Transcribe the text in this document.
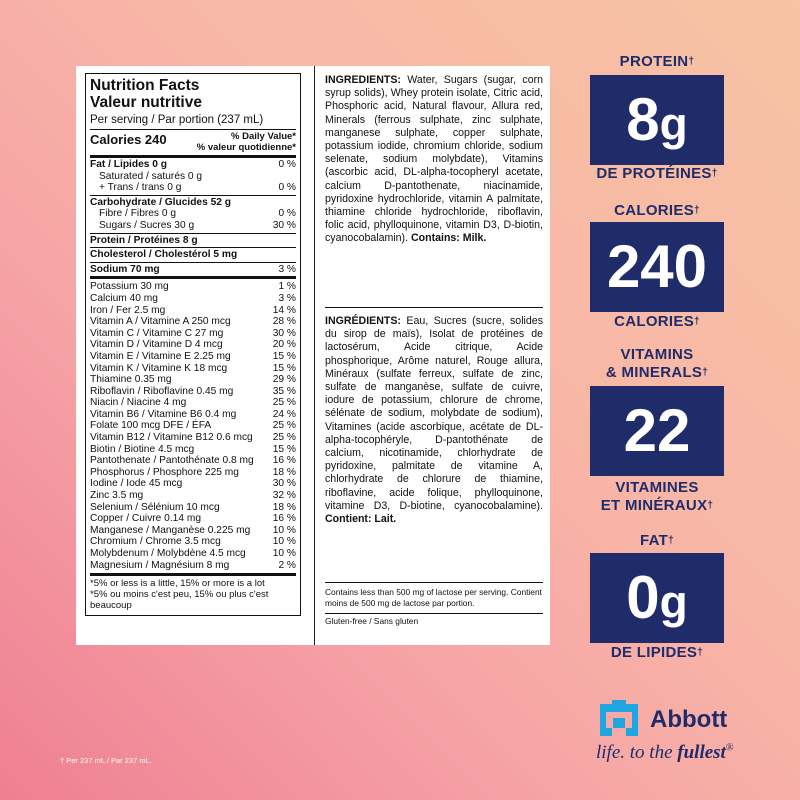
Nutrition Facts
Valeur nutritive
Per serving / Par portion (237 mL)
Calories 240	% Daily Value*
% valeur quotidienne*
Fat / Lipides 0 g	0 %
Saturated / saturés 0 g
+ Trans / trans 0 g	0 %
Carbohydrate / Glucides 52 g
Fibre / Fibres 0 g	0 %
Sugars / Sucres 30 g	30 %
Protein / Protéines 8 g
Cholesterol / Cholestérol 5 mg
Sodium 70 mg	3 %
Potassium 30 mg	1 %
Calcium 40 mg	3 %
Iron / Fer 2.5 mg	14 %
Vitamin A / Vitamine A 250 mcg	28 %
Vitamin C / Vitamine C 27 mg	30 %
Vitamin D / Vitamine D 4 mcg	20 %
Vitamin E / Vitamine E 2.25 mg	15 %
Vitamin K / Vitamine K 18 mcg	15 %
Thiamine 0.35 mg	29 %
Riboflavin / Riboflavine 0.45 mg	35 %
Niacin / Niacine 4 mg	25 %
Vitamin B6 / Vitamine B6 0.4 mg	24 %
Folate 100 mcg DFE / ÉFA	25 %
Vitamin B12 / Vitamine B12 0.6 mcg 25 %
Biotin / Biotine 4.5 mcg	15 %
Pantothenate / Pantothénate 0.8 mg 16 %
Phosphorus / Phosphore 225 mg	18 %
Iodine / Iode 45 mcg	30 %
Zinc 3.5 mg	32 %
Selenium / Sélénium 10 mcg	18 %
Copper / Cuivre 0.14 mg	16 %
Manganese / Manganèse 0.225 mg 10 %
Chromium / Chrome 3.5 mcg	10 %
Molybdenum / Molybdène 4.5 mcg	10 %
Magnesium / Magnésium 8 mg	2 %
*5% or less is a little, 15% or more is a lot
*5% ou moins c'est peu, 15% ou plus c'est beaucoup
INGREDIENTS: Water, Sugars (sugar, corn syrup solids), Whey protein isolate, Citric acid, Phosphoric acid, Natural flavour, Allura red, Minerals (ferrous sulphate, zinc sulphate, manganese sulphate, copper sulphate, potassium iodide, chromium chloride, sodium selenate, sodium molybdate), Vitamins (ascorbic acid, DL-alpha-tocopheryl acetate, calcium D-pantothenate, niacinamide, pyridoxine hydrochloride, vitamin A palmitate, thiamine chloride hydrochloride, riboflavin, folic acid, phylloquinone, vitamin D3, D-biotin, cyanocobalamin). Contains: Milk.
INGRÉDIENTS: Eau, Sucres (sucre, solides du sirop de maïs), Isolat de protéines de lactosérum, Acide citrique, Acide phosphorique, Arôme naturel, Rouge allura, Minéraux (sulfate ferreux, sulfate de zinc, sulfate de manganèse, sulfate de cuivre, iodure de potassium, chlorure de chrome, sélénate de sodium, molybdate de sodium), Vitamines (acide ascorbique, acétate de DL-alpha-tocophéryle, D-pantothénate de calcium, nicotinamide, chlorhydrate de pyridoxine, palmitate de vitamine A, chlorhydrate de chlorure de thiamine, riboflavine, acide folique, phylloquinone, vitamine D3, D-biotine, cyanocobalamine). Contient: Lait.
Contains less than 500 mg of lactose per serving. Contient moins de 500 mg de lactose par portion.
Gluten-free / Sans gluten
PROTEIN†
8g
DE PROTÉINES†
CALORIES†
240
CALORIES†
VITAMINS
& MINERALS†
22
VITAMINES
ET MINÉRAUX†
FAT†
0g
DE LIPIDES†
Abbott
life. to the fullest®
† Per 237 mL / Par 237 mL.
